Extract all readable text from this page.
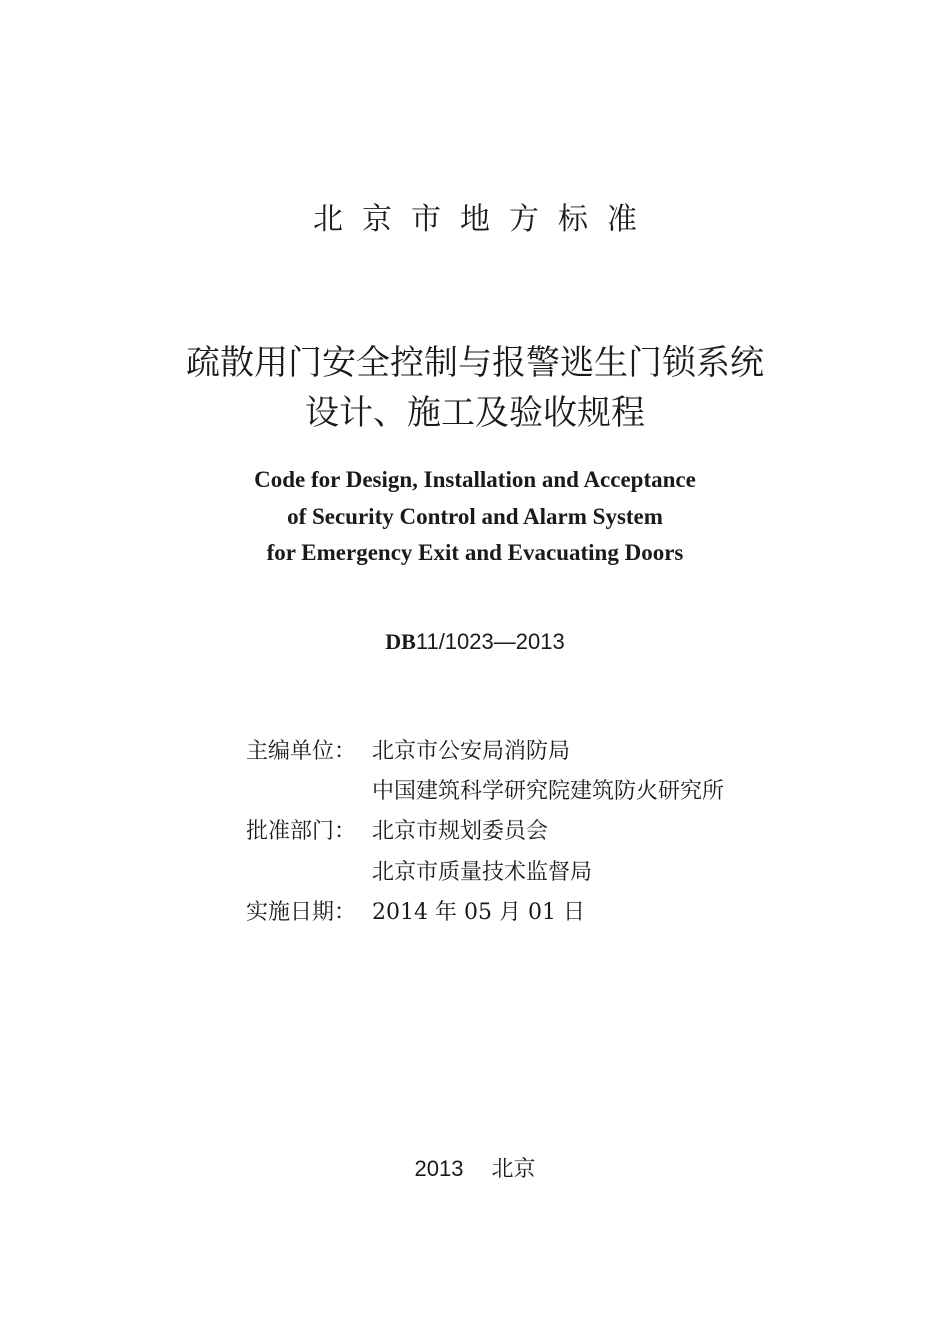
北京市地方标准
疏散用门安全控制与报警逃生门锁系统
设计、施工及验收规程
Code for Design, Installation and Acceptance
of Security Control and Alarm System
for Emergency Exit and Evacuating Doors
DB11/1023—2013
主编单位： 北京市公安局消防局
中国建筑科学研究院建筑防火研究所
批准部门： 北京市规划委员会
北京市质量技术监督局
实施日期： 2014 年 05 月 01 日
2013 北京
